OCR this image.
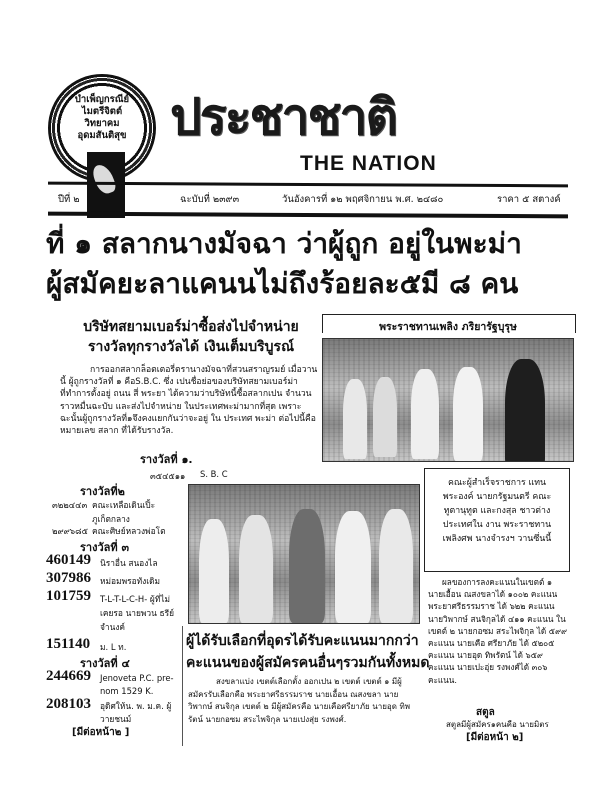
บำเพ็ญกรณีย์
ไมตรีจิตต์
วิทยาคม
อุดมสันติสุข ประชาชาติ
THE NATION
ปีที่ ๒	ฉะบับที่ ๒๓๙๓	วันอังคารที่ ๑๒ พฤศจิกายน พ.ศ. ๒๔๘๐	ราคา ๕ สตางค์
ที่ ๑ สลากนางมัจฉา ว่าผู้ถูก อยู่ในพะม่า
ผู้สมัคยะลาแคนนไม่ถึงร้อยละ๕มี ๘ คน
บริษัทสยามเบอร์ม่าซื้อส่งไปจำหน่าย
รางวัลทุกรางวัลได้ เงินเต็มบริบูรณ์
การออกสลากล็อตเตอรี่ตรานางมัจฉาที่สวนสราญรมย์ เมื่อวานนี้ ผู้ถูกรางวัลที่ ๑ คือS.B.C. ซึ่ง เปนชื่อย่อของบริษัทสยามเบอร์ม่าที่ทำการตั้งอยู่ ถนน สี่ พระยา ได้ความว่าบริษัทนี้ซื้อสลากเปน จำนวนราวหมื่นฉะบับ และส่งไปจำหน่าย ในประเทศพะม่ามากที่สุด เพราะฉะนั้นผู้ถูกรางวัลที่๑จึงคงแยกกันว่าจะอยู่ ใน ประเทศ พะม่า ต่อไปนี้คือหมายเลข สลาก ที่ได้รับรางวัล.
รางวัลที่ ๑.
๓๕๔๕๑๑ S. B. C
รางวัลที่๒
๓๒๒๔๔๓ คณะเหลือเดินเปิ้ะ ภูเก็ตกลาง
๒๙๙๖๘๕ คณะศิษย์หลวงพ่อโต
รางวัลที่ ๓
460149 นิราอื่น สนองไล
307986 หม่อมพรอทังเดิม
101759 T-L-T-L-C-H- ผู้ที่ไม่เคยรอ นายพวน ธรีย์ จำนงค์
151140 ม. L ท.
รางวัลที่ ๔
244669 Jenoveta P.C. pre-nom 1529 K.
208103 อุดิศให้น. พ. ม.ค. ผู้ วายชนม์
[มีต่อหน้า๒ ]
พระราชทานเพลิง ภริยารัฐบุรุษ
คณะผู้สำเร็จราชการ แทนพระองค์ นายกรัฐมนตรี คณะทูตานุทูต และกงสุล ชาวต่างประเทศใน งาน พระราชทานเพลิงศพ นางจำรงฯ วานซึ่นนี้
ผู้ได้รับเลือกที่อุดรได้รับคะแนนมากกว่า
คะแนนของผู้สมัครคนอื่นๆรวมกันทั้งหมด
สงขลาแบ่ง เขตต์เลือกตั้ง ออกเปน ๒ เขตต์ เขตต์ ๑ มีผู้สมัครรับเลือกคือ พระยาศรีธรรมราช นายเอื้อน ณสงขลา นายวิพากษ์ สนจิกุล เขตต์ ๒ มีผู้สมัครคือ นายเคือศรียาภัย นายอุด ทิพรัตน์ นายกอซม สระไพจิกุล นายเปงสุ่ย รงพงศ์.
ผลของการลงคะแนนในเขตต์ ๑ นายเอื้อน ณสงขลาได้ ๑๐๐๒ คะแนน พระยาศรีธรรมราช ได้ ๖๒๒ คะแนน นายวิพากษ์ สนจิกุลได้ ๔๑๑ คะแนน ในเขตต์ ๒ นายกอซม สระไพจิกุล ได้ ๕๙๙ คะแนน นายเคือ ศรียาภัย ได้ ๕๒๐๕ คะแนน นายอุด ทิพรัตน์ ได้ ๖๕๙ คะแนน นายเปะอุ่ย รงพงศ์ได้ ๓๐๖ คะแนน.
สตูล
สตูลมีผู้สมัคร๑คนคือ นายมิตร
[มีต่อหน้า ๒]
